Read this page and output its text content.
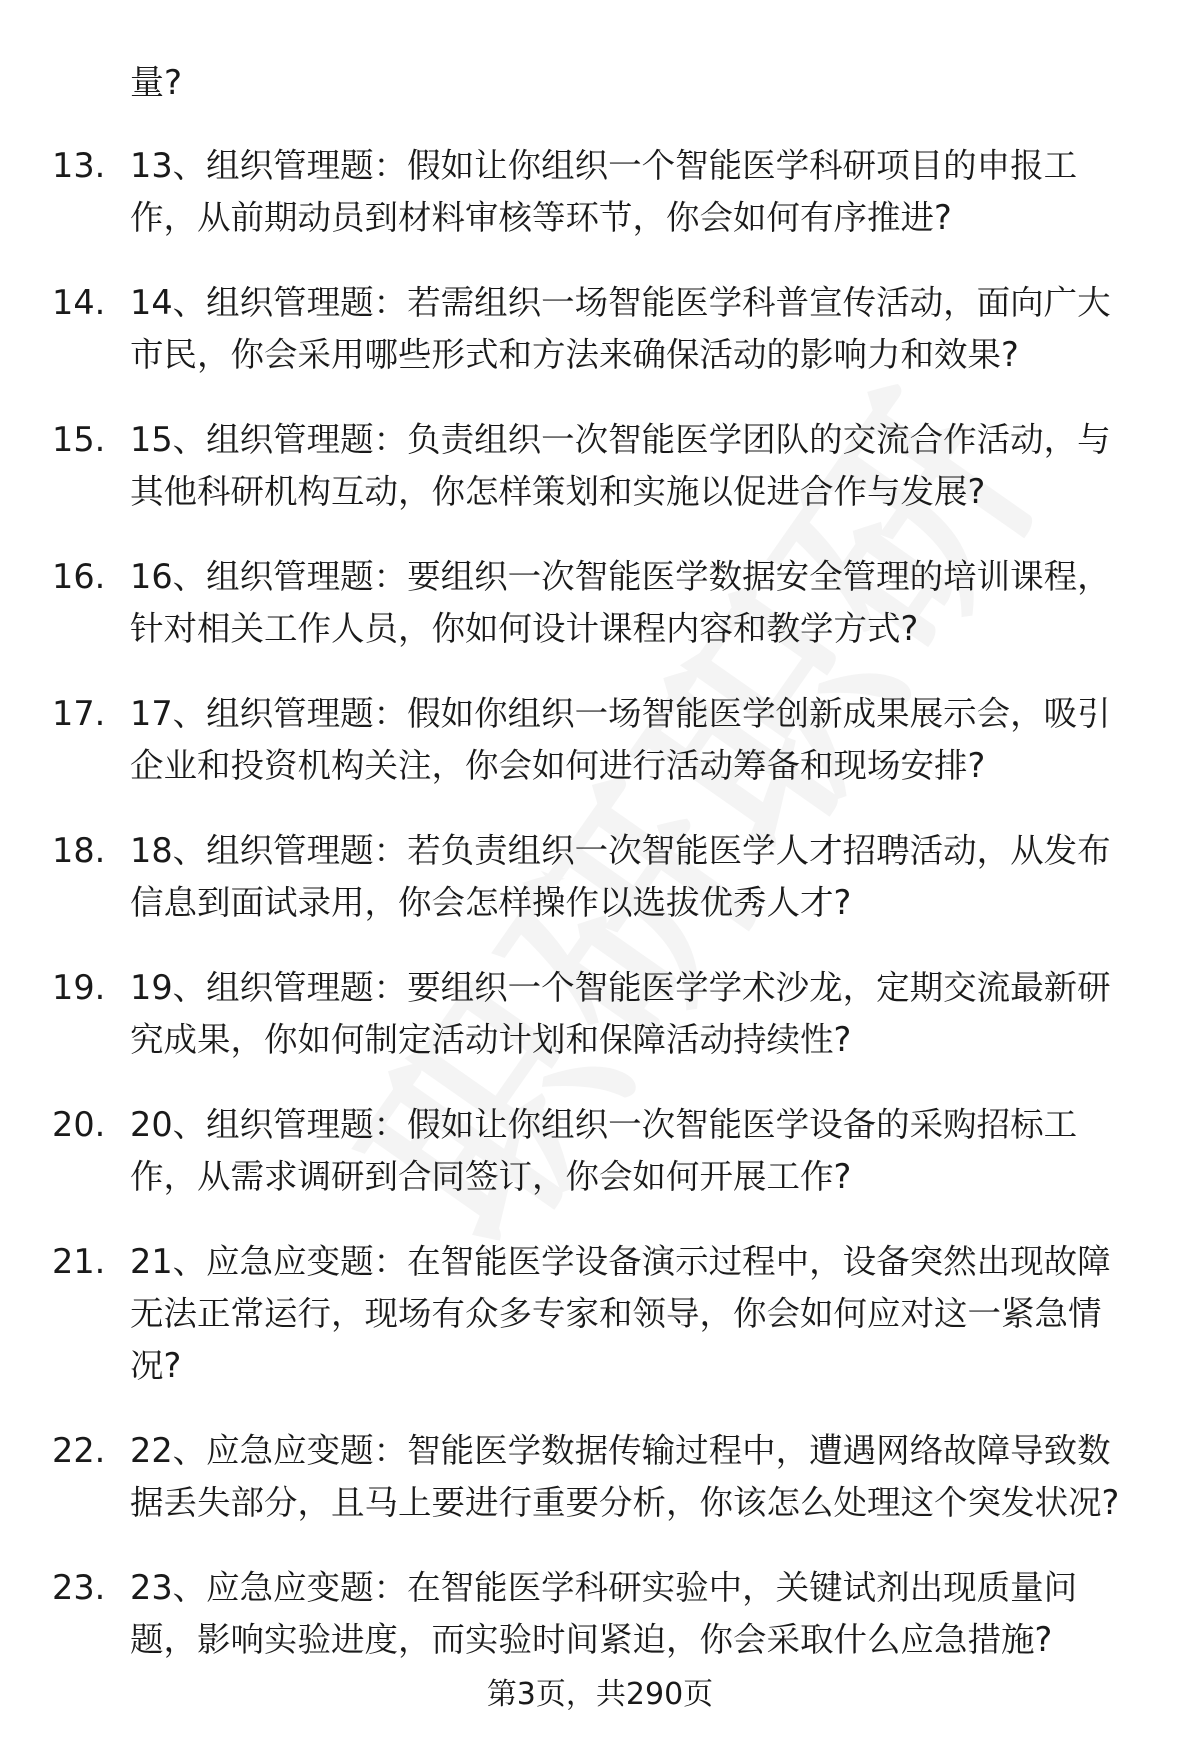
量?

13. 13、组织管理题：假如让你组织一个智能医学科研项目的申报工作，从前期动员到材料审核等环节，你会如何有序推进?
14. 14、组织管理题：若需组织一场智能医学科普宣传活动，面向广大市民，你会采用哪些形式和方法来确保活动的影响力和效果?
15. 15、组织管理题：负责组织一次智能医学团队的交流合作活动，与其他科研机构互动，你怎样策划和实施以促进合作与发展?
16. 16、组织管理题：要组织一次智能医学数据安全管理的培训课程，针对相关工作人员，你如何设计课程内容和教学方式?
17. 17、组织管理题：假如你组织一场智能医学创新成果展示会，吸引企业和投资机构关注，你会如何进行活动筹备和现场安排?
18. 18、组织管理题：若负责组织一次智能医学人才招聘活动，从发布信息到面试录用，你会怎样操作以选拔优秀人才?
19. 19、组织管理题：要组织一个智能医学学术沙龙，定期交流最新研究成果，你如何制定活动计划和保障活动持续性?
20. 20、组织管理题：假如让你组织一次智能医学设备的采购招标工作，从需求调研到合同签订，你会如何开展工作?
21. 21、应急应变题：在智能医学设备演示过程中，设备突然出现故障无法正常运行，现场有众多专家和领导，你会如何应对这一紧急情况?
22. 22、应急应变题：智能医学数据传输过程中，遭遇网络故障导致数据丢失部分，且马上要进行重要分析，你该怎么处理这个突发状况?
23. 23、应急应变题：在智能医学科研实验中，关键试剂出现质量问题，影响实验进度，而实验时间紧迫，你会采取什么应急措施?
第3页，共290页
